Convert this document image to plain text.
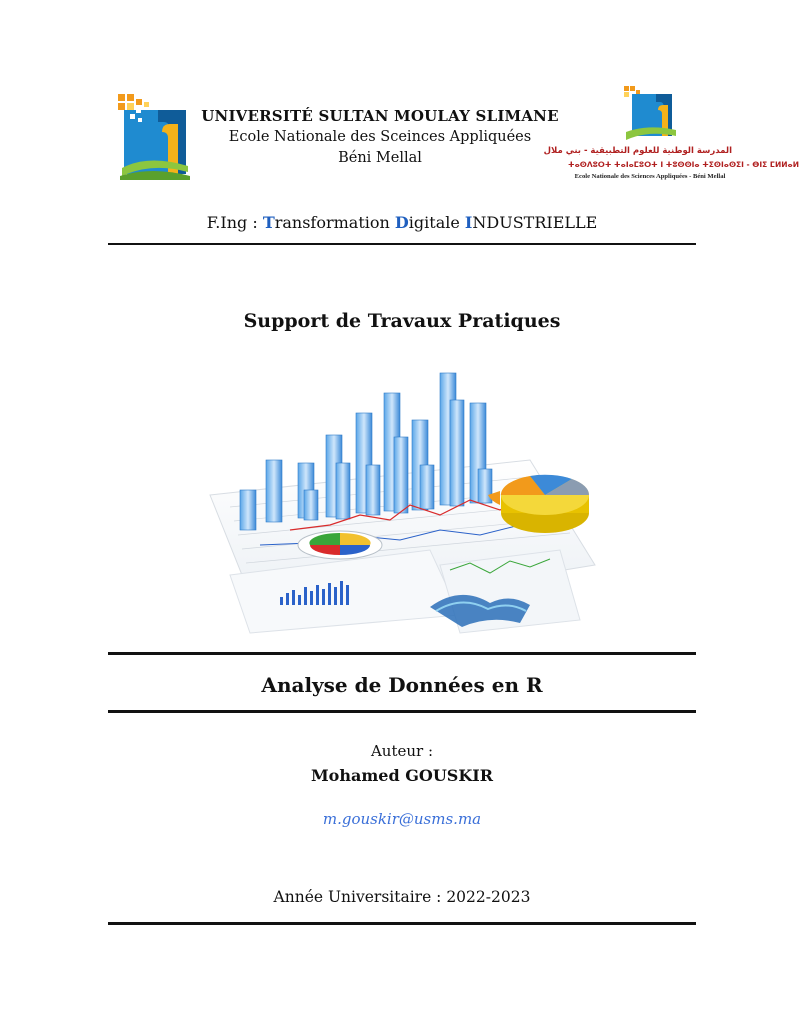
UNIVERSITÉ SULTAN MOULAY SLIMANE
Ecole Nationale des Sceinces Appliquées
Béni Mellal	المدرسة الوطنية للعلوم التطبيقية - بني ملال
ⵜⴰⵙⴷⵓⵔⵜ ⵜⴰⵏⴰⵎⵓⵔⵜ ⵏ ⵜⵓⵙⵙⵏⴰ ⵜⵉⵙⵏⴰⵙⵉⵏ - ⴱⵏⵉ ⵎⵍⵍⴰⵍ
Ecole Nationale des Sciences Appliquées - Béni Mellal
F.Ing : Transformation Digitale INDUSTRIELLE
Support de Travaux Pratiques
Analyse de Données en R
Auteur :
Mohamed GOUSKIR
m.gouskir@usms.ma
Année Universitaire : 2022-2023
